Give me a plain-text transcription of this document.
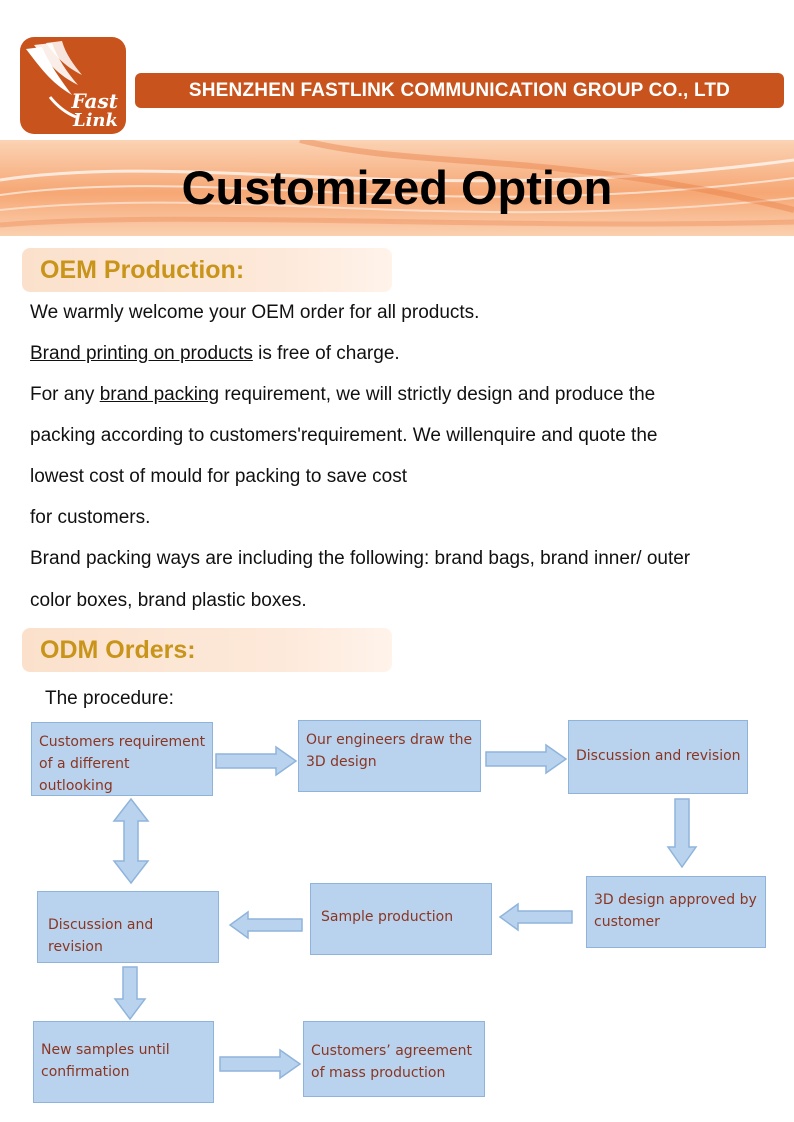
Fast
Link
SHENZHEN FASTLINK COMMUNICATION GROUP CO., LTD
Customized Option
OEM Production:
We warmly welcome your OEM order for all products.
Brand printing on products is free of charge.
For any brand packing requirement, we will strictly design and produce the
packing according to customers'requirement. We willenquire and quote the
lowest cost of mould for packing to save cost
for customers.
Brand packing ways are including the following: brand bags, brand inner/ outer
color boxes, brand plastic boxes.
ODM Orders:
The procedure:
Customers requirement
of a different outlooking
Our engineers draw the
3D design	Discussion and revision
3D design approved by
customer
Sample production
Discussion and revision
New samples until
confirmation
Customers’ agreement
of mass production
